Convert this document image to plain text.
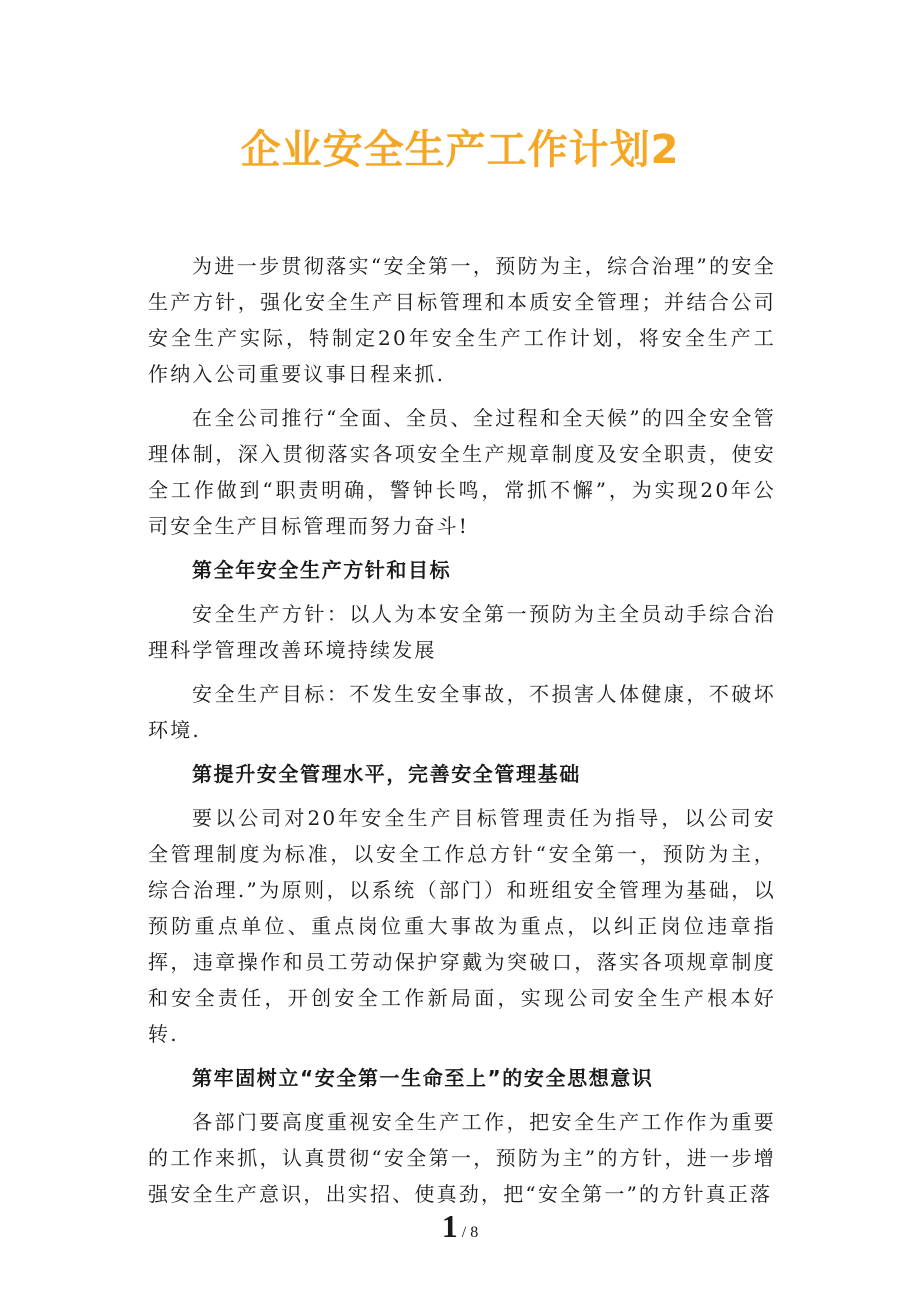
企业安全生产工作计划2

为进一步贯彻落实“安全第一，预防为主，综合治理”的安全生产方针，强化安全生产目标管理和本质安全管理；并结合公司安全生产实际，特制定20年安全生产工作计划，将安全生产工作纳入公司重要议事日程来抓.

在全公司推行“全面、全员、全过程和全天候”的四全安全管理体制，深入贯彻落实各项安全生产规章制度及安全职责，使安全工作做到“职责明确，警钟长鸣，常抓不懈”，为实现20年公司安全生产目标管理而努力奋斗!

第全年安全生产方针和目标

安全生产方针：以人为本安全第一预防为主全员动手综合治理科学管理改善环境持续发展

安全生产目标：不发生安全事故，不损害人体健康，不破坏环境.

第提升安全管理水平，完善安全管理基础

要以公司对20年安全生产目标管理责任为指导，以公司安全管理制度为标准，以安全工作总方针“安全第一，预防为主，综合治理.”为原则，以系统（部门）和班组安全管理为基础，以预防重点单位、重点岗位重大事故为重点，以纠正岗位违章指挥，违章操作和员工劳动保护穿戴为突破口，落实各项规章制度和安全责任，开创安全工作新局面，实现公司安全生产根本好转.

第牢固树立“安全第一生命至上”的安全思想意识

各部门要高度重视安全生产工作，把安全生产工作作为重要的工作来抓，认真贯彻“安全第一，预防为主”的方针，进一步增强安全生产意识，出实招、使真劲，把“安全第一”的方针真正落

1 / 8
